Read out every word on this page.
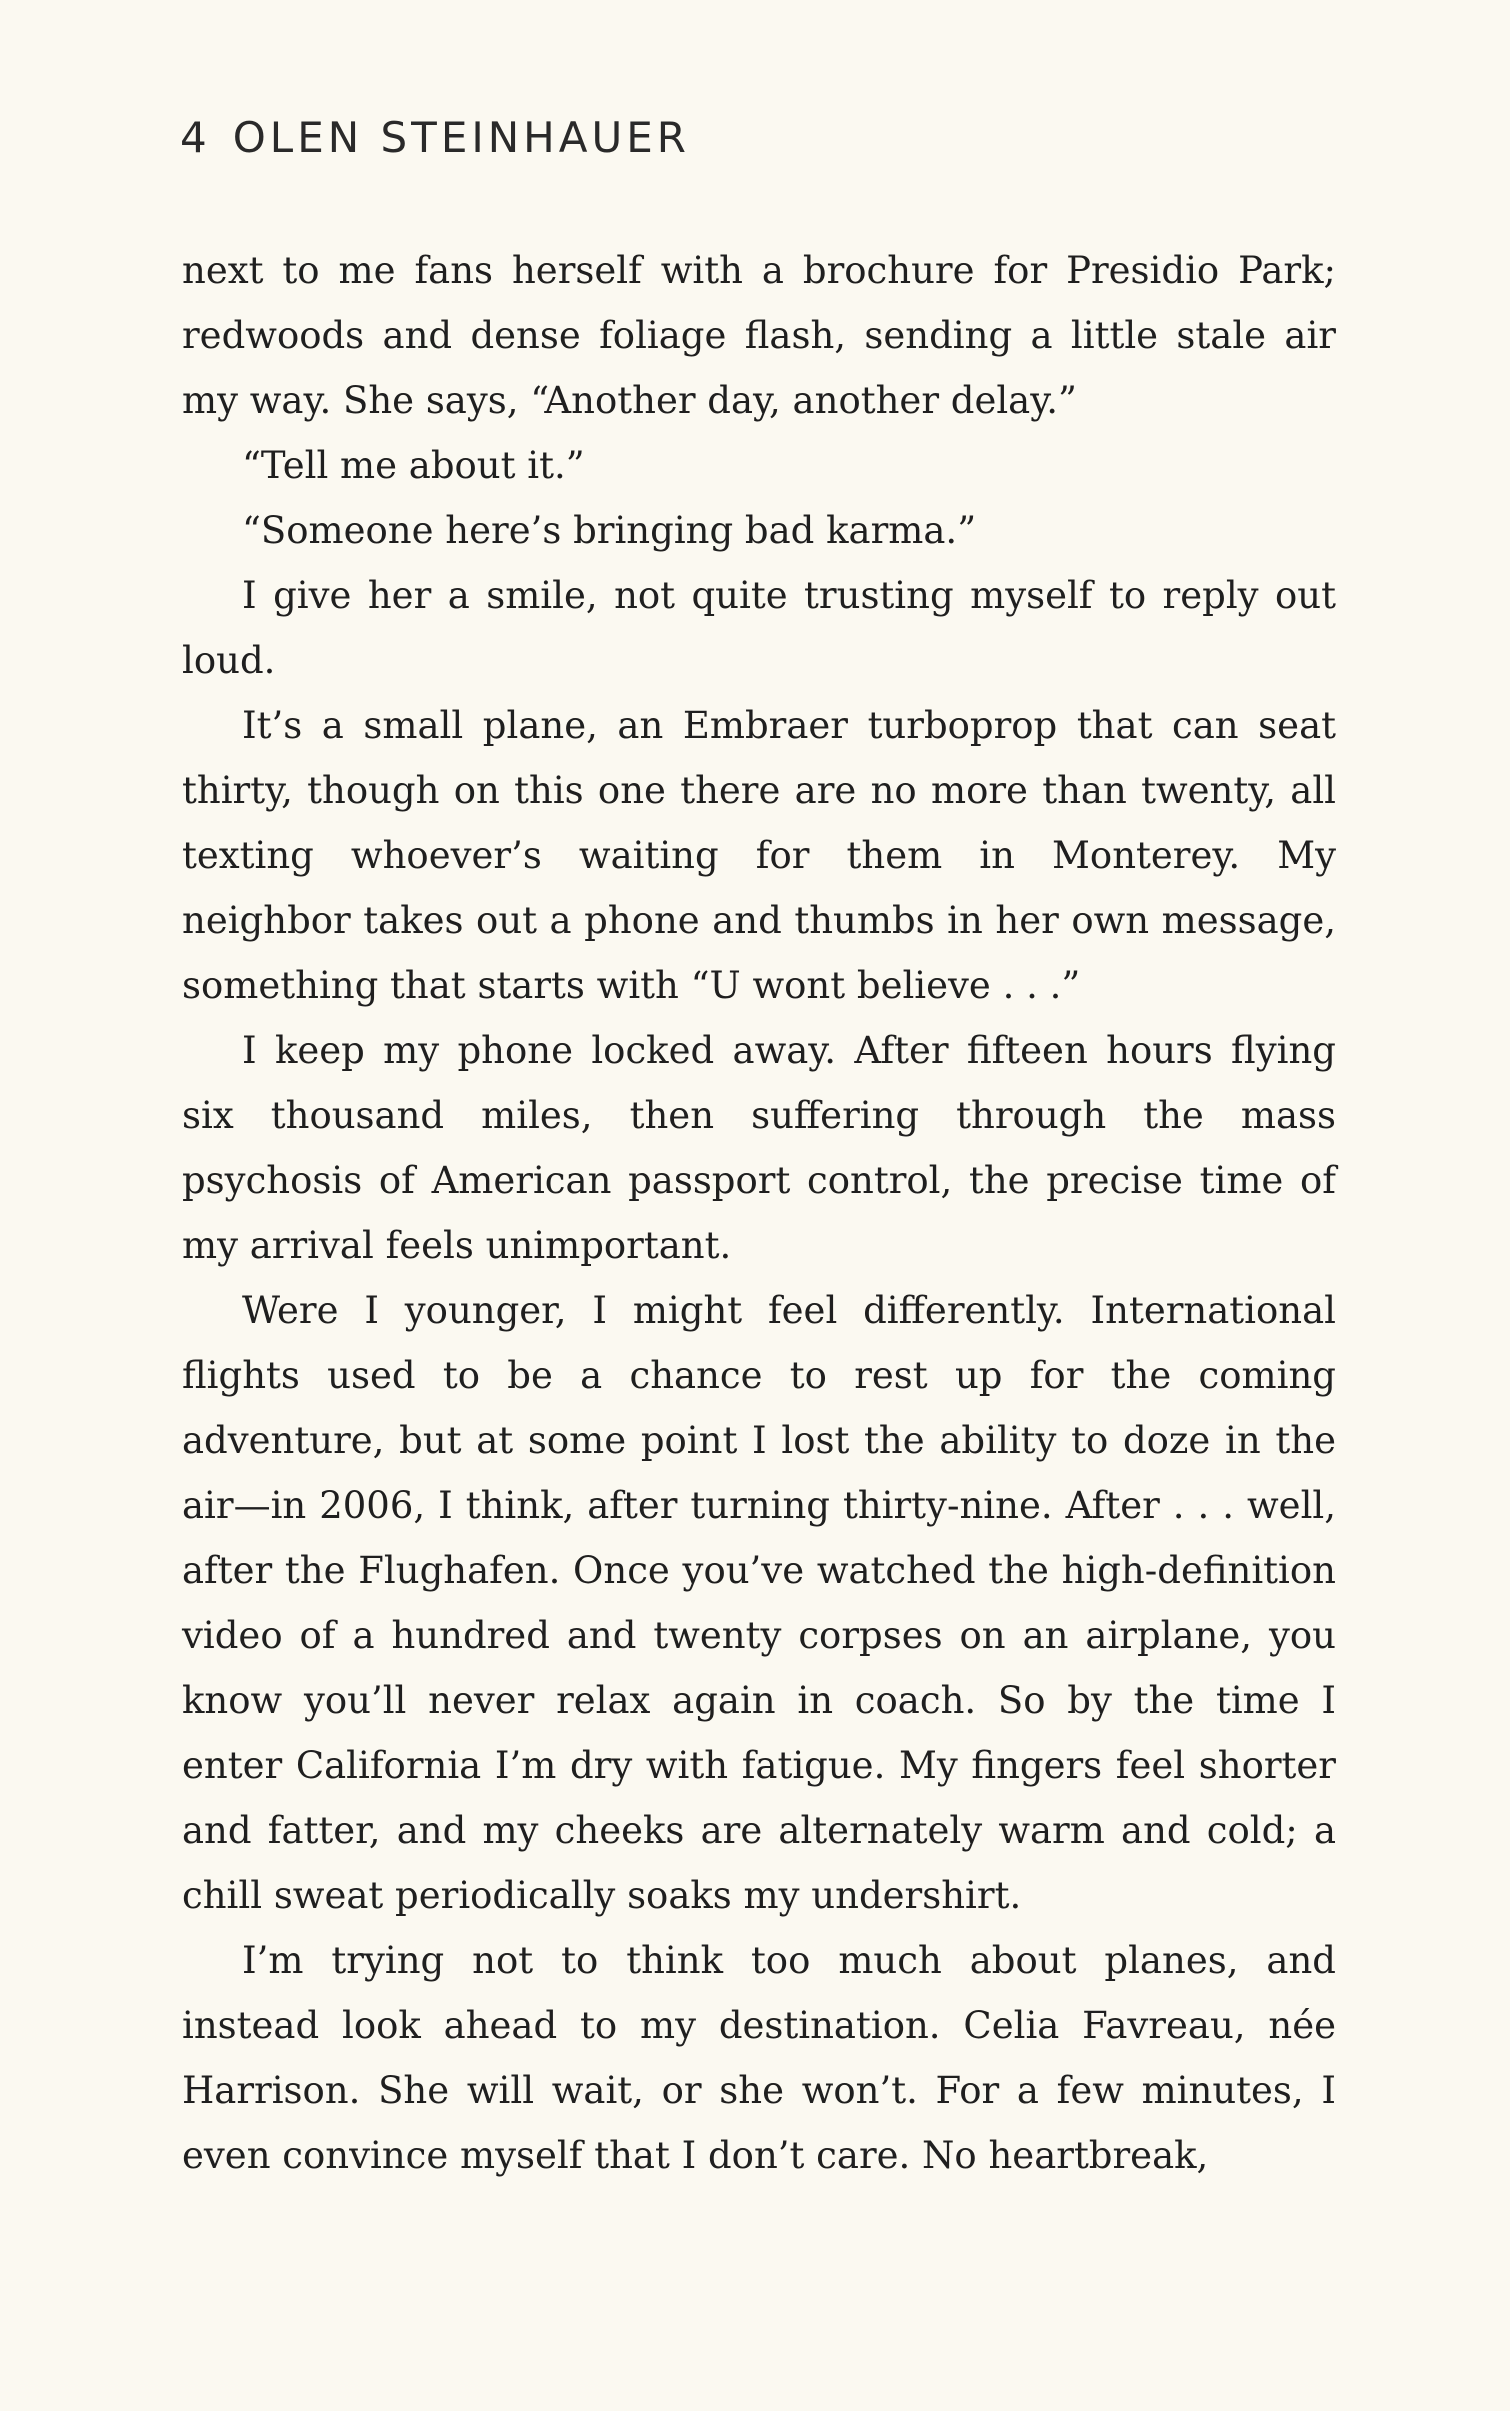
4 OLEN STEINHAUER

next to me fans herself with a brochure for Presidio Park; redwoods and dense foliage flash, sending a little stale air my way. She says, “Another day, another delay.”

“Tell me about it.”

“Someone here’s bringing bad karma.”

I give her a smile, not quite trusting myself to reply out loud.

It’s a small plane, an Embraer turboprop that can seat thirty, though on this one there are no more than twenty, all texting whoever’s waiting for them in Monterey. My neighbor takes out a phone and thumbs in her own message, something that starts with “U wont believe . . .”

I keep my phone locked away. After fifteen hours flying six thousand miles, then suffering through the mass psychosis of American passport control, the precise time of my arrival feels unimportant.

Were I younger, I might feel differently. International flights used to be a chance to rest up for the coming adventure, but at some point I lost the ability to doze in the air—in 2006, I think, after turning thirty-nine. After . . . well, after the Flughafen. Once you’ve watched the high-definition video of a hundred and twenty corpses on an airplane, you know you’ll never relax again in coach. So by the time I enter California I’m dry with fatigue. My fingers feel shorter and fatter, and my cheeks are alternately warm and cold; a chill sweat periodically soaks my undershirt.

I’m trying not to think too much about planes, and instead look ahead to my destination. Celia Favreau, née Harrison. She will wait, or she won’t. For a few minutes, I even convince myself that I don’t care. No heartbreak,
